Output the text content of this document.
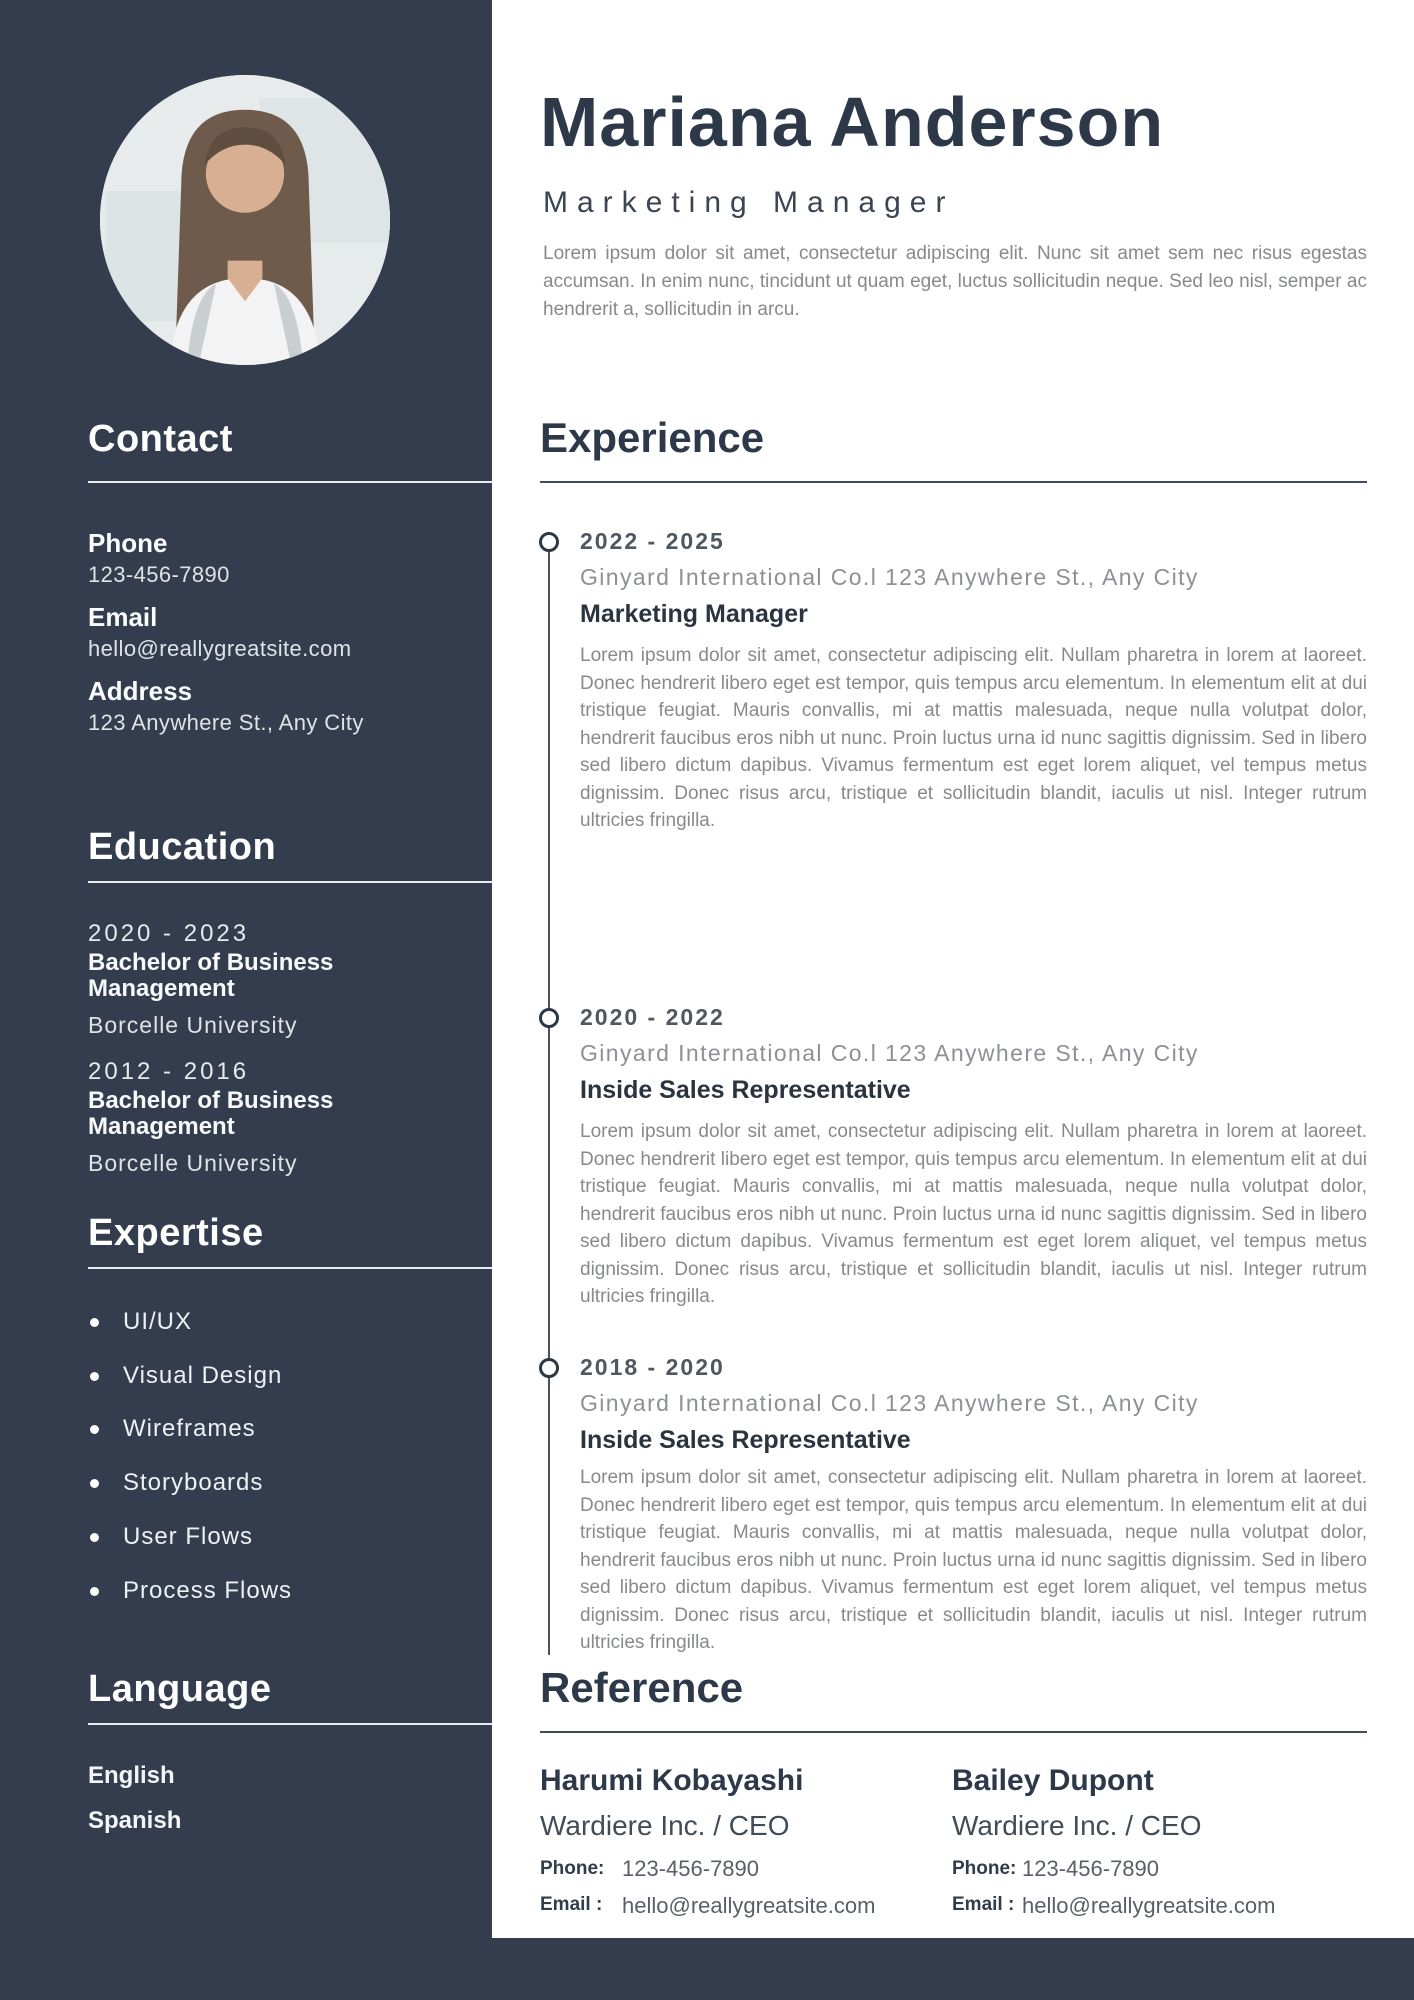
Contact
Phone
123-456-7890
Email
hello@reallygreatsite.com
Address
123 Anywhere St., Any City
Education
2020 - 2023
Bachelor of Business Management
Borcelle University
2012 - 2016
Bachelor of Business Management
Borcelle University
Expertise
UI/UX
Visual Design
Wireframes
Storyboards
User Flows
Process Flows
Language
English
Spanish
Mariana Anderson
Marketing Manager
Lorem ipsum dolor sit amet, consectetur adipiscing elit. Nunc sit amet sem nec risus egestas accumsan. In enim nunc, tincidunt ut quam eget, luctus sollicitudin neque. Sed leo nisl, semper ac hendrerit a, sollicitudin in arcu.
Experience
2022 - 2025
Ginyard International Co.l 123 Anywhere St., Any City
Marketing Manager
Lorem ipsum dolor sit amet, consectetur adipiscing elit. Nullam pharetra in lorem at laoreet. Donec hendrerit libero eget est tempor, quis tempus arcu elementum. In elementum elit at dui tristique feugiat. Mauris convallis, mi at mattis malesuada, neque nulla volutpat dolor, hendrerit faucibus eros nibh ut nunc. Proin luctus urna id nunc sagittis dignissim. Sed in libero sed libero dictum dapibus. Vivamus fermentum est eget lorem aliquet, vel tempus metus dignissim. Donec risus arcu, tristique et sollicitudin blandit, iaculis ut nisl. Integer rutrum ultricies fringilla.
2020 - 2022
Ginyard International Co.l 123 Anywhere St., Any City
Inside Sales Representative
Lorem ipsum dolor sit amet, consectetur adipiscing elit. Nullam pharetra in lorem at laoreet. Donec hendrerit libero eget est tempor, quis tempus arcu elementum. In elementum elit at dui tristique feugiat. Mauris convallis, mi at mattis malesuada, neque nulla volutpat dolor, hendrerit faucibus eros nibh ut nunc. Proin luctus urna id nunc sagittis dignissim. Sed in libero sed libero dictum dapibus. Vivamus fermentum est eget lorem aliquet, vel tempus metus dignissim. Donec risus arcu, tristique et sollicitudin blandit, iaculis ut nisl. Integer rutrum ultricies fringilla.
2018 - 2020
Ginyard International Co.l 123 Anywhere St., Any City
Inside Sales Representative
Lorem ipsum dolor sit amet, consectetur adipiscing elit. Nullam pharetra in lorem at laoreet. Donec hendrerit libero eget est tempor, quis tempus arcu elementum. In elementum elit at dui tristique feugiat. Mauris convallis, mi at mattis malesuada, neque nulla volutpat dolor, hendrerit faucibus eros nibh ut nunc. Proin luctus urna id nunc sagittis dignissim. Sed in libero sed libero dictum dapibus. Vivamus fermentum est eget lorem aliquet, vel tempus metus dignissim. Donec risus arcu, tristique et sollicitudin blandit, iaculis ut nisl. Integer rutrum ultricies fringilla.
Reference
Harumi Kobayashi
Wardiere Inc. / CEO
Phone: 123-456-7890
Email : hello@reallygreatsite.com
Bailey Dupont
Wardiere Inc. / CEO
Phone: 123-456-7890
Email : hello@reallygreatsite.com
